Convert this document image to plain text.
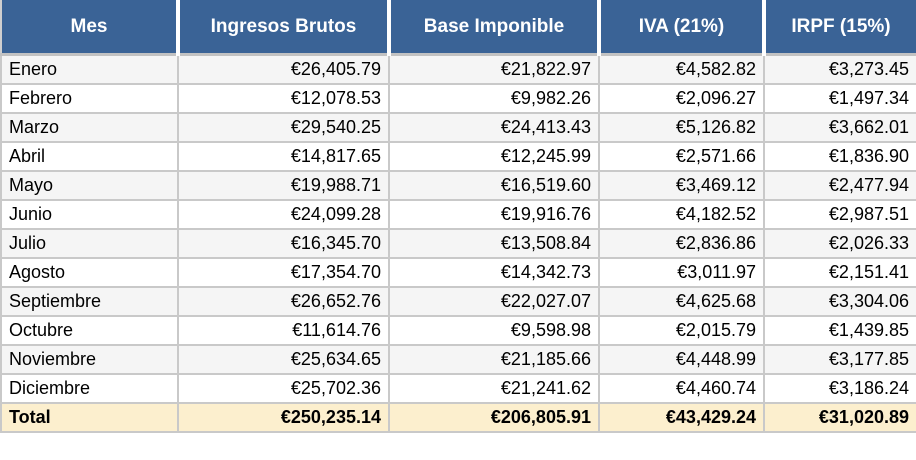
Mes	Ingresos Brutos	Base Imponible	IVA (21%)	IRPF (15%)
Enero	€26,405.79	€21,822.97	€4,582.82	€3,273.45
Febrero	€12,078.53	€9,982.26	€2,096.27	€1,497.34
Marzo	€29,540.25	€24,413.43	€5,126.82	€3,662.01
Abril	€14,817.65	€12,245.99	€2,571.66	€1,836.90
Mayo	€19,988.71	€16,519.60	€3,469.12	€2,477.94
Junio	€24,099.28	€19,916.76	€4,182.52	€2,987.51
Julio	€16,345.70	€13,508.84	€2,836.86	€2,026.33
Agosto	€17,354.70	€14,342.73	€3,011.97	€2,151.41
Septiembre	€26,652.76	€22,027.07	€4,625.68	€3,304.06
Octubre	€11,614.76	€9,598.98	€2,015.79	€1,439.85
Noviembre	€25,634.65	€21,185.66	€4,448.99	€3,177.85
Diciembre	€25,702.36	€21,241.62	€4,460.74	€3,186.24
Total	€250,235.14	€206,805.91	€43,429.24	€31,020.89
